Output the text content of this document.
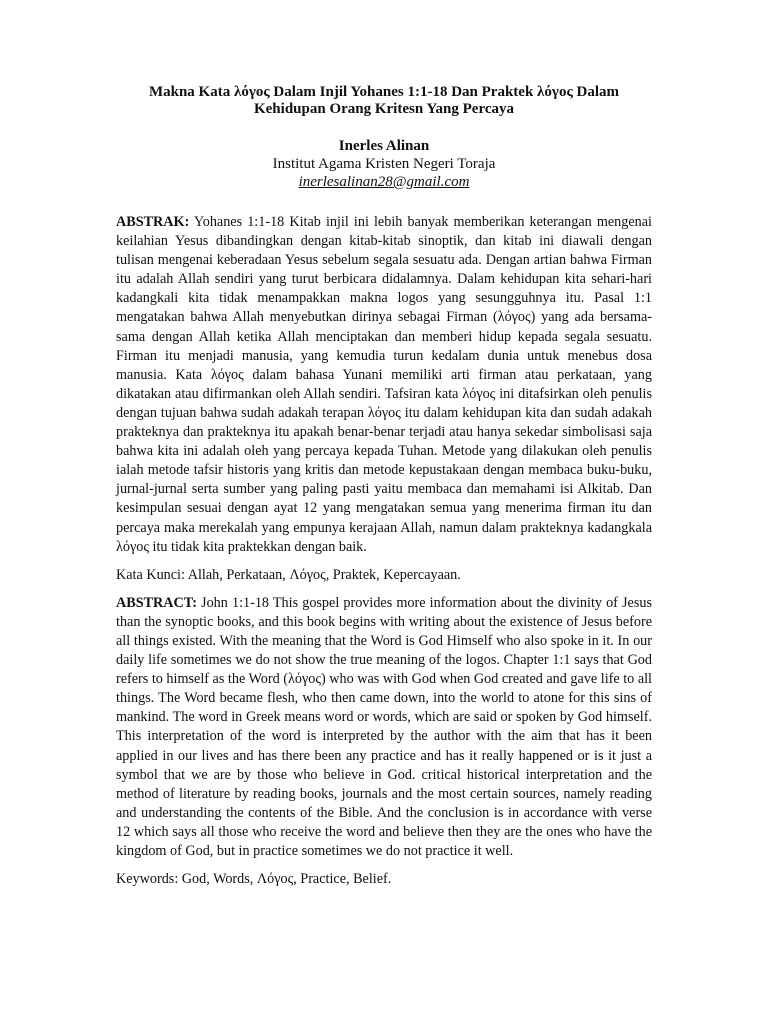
Makna Kata λόγος Dalam Injil Yohanes 1:1-18 Dan Praktek λόγος Dalam
Kehidupan Orang Kritesn Yang Percaya

Inerles Alinan

Institut Agama Kristen Negeri Toraja

inerlesalinan28@gmail.com

ABSTRAK: Yohanes 1:1-18 Kitab injil ini lebih banyak memberikan keterangan mengenai keilahian Yesus dibandingkan dengan kitab-kitab sinoptik, dan kitab ini diawali dengan tulisan mengenai keberadaan Yesus sebelum segala sesuatu ada. Dengan artian bahwa Firman itu adalah Allah sendiri yang turut berbicara didalamnya. Dalam kehidupan kita sehari-hari kadangkali kita tidak menampakkan makna logos yang sesungguhnya itu. Pasal 1:1 mengatakan bahwa Allah menyebutkan dirinya sebagai Firman (λόγος) yang ada bersama-sama dengan Allah ketika Allah menciptakan dan memberi hidup kepada segala sesuatu. Firman itu menjadi manusia, yang kemudia turun kedalam dunia untuk menebus dosa manusia. Kata λόγος dalam bahasa Yunani memiliki arti firman atau perkataan, yang dikatakan atau difirmankan oleh Allah sendiri. Tafsiran kata λόγος ini ditafsirkan oleh penulis dengan tujuan bahwa sudah adakah terapan λόγος itu dalam kehidupan kita dan sudah adakah prakteknya dan prakteknya itu apakah benar-benar terjadi atau hanya sekedar simbolisasi saja bahwa kita ini adalah oleh yang percaya kepada Tuhan. Metode yang dilakukan oleh penulis ialah metode tafsir historis yang kritis dan metode kepustakaan dengan membaca buku-buku, jurnal-jurnal serta sumber yang paling pasti yaitu membaca dan memahami isi Alkitab. Dan kesimpulan sesuai dengan ayat 12 yang mengatakan semua yang menerima firman itu dan percaya maka merekalah yang empunya kerajaan Allah, namun dalam prakteknya kadangkala λόγος itu tidak kita praktekkan dengan baik.

Kata Kunci: Allah, Perkataan, Λόγος, Praktek, Kepercayaan.

ABSTRACT: John 1:1-18 This gospel provides more information about the divinity of Jesus than the synoptic books, and this book begins with writing about the existence of Jesus before all things existed. With the meaning that the Word is God Himself who also spoke in it. In our daily life sometimes we do not show the true meaning of the logos. Chapter 1:1 says that God refers to himself as the Word (λόγος) who was with God when God created and gave life to all things. The Word became flesh, who then came down, into the world to atone for this sins of mankind. The word in Greek means word or words, which are said or spoken by God himself. This interpretation of the word is interpreted by the author with the aim that has it been applied in our lives and has there been any practice and has it really happened or is it just a symbol that we are by those who believe in God. critical historical interpretation and the method of literature by reading books, journals and the most certain sources, namely reading and understanding the contents of the Bible. And the conclusion is in accordance with verse 12 which says all those who receive the word and believe then they are the ones who have the kingdom of God, but in practice sometimes we do not practice it well.

Keywords: God, Words, Λόγος, Practice, Belief.
